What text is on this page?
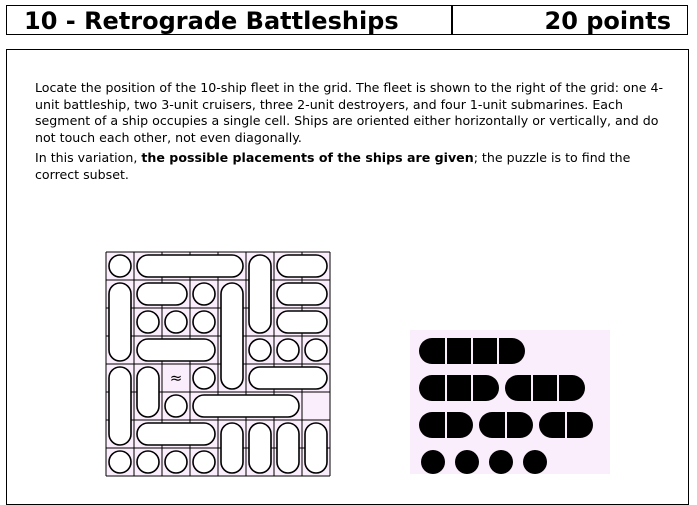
10 - Retrograde Battleships	20 points

Locate the position of the 10-ship fleet in the grid. The fleet is shown to the right of the grid: one 4-unit battleship, two 3-unit cruisers, three 2-unit destroyers, and four 1-unit submarines. Each segment of a ship occupies a single cell. Ships are oriented either horizontally or vertically, and do not touch each other, not even diagonally.

In this variation, the possible placements of the ships are given; the puzzle is to find the correct subset.

≈
